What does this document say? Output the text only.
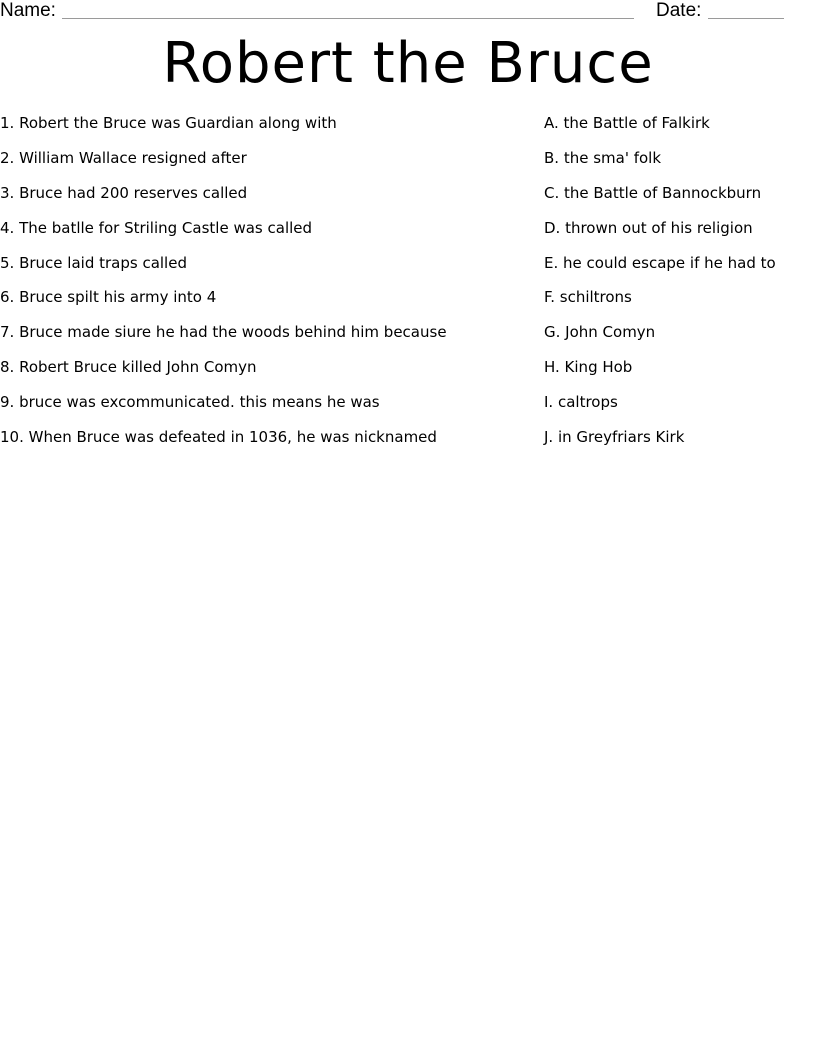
Name:	Date:
Robert the Bruce
1. Robert the Bruce was Guardian along with
2. William Wallace resigned after
3. Bruce had 200 reserves called
4. The batlle for Striling Castle was called
5. Bruce laid traps called
6. Bruce spilt his army into 4
7. Bruce made siure he had the woods behind him because
8. Robert Bruce killed John Comyn
9. bruce was excommunicated. this means he was
10. When Bruce was defeated in 1036, he was nicknamed
A. the Battle of Falkirk
B. the sma' folk
C. the Battle of Bannockburn
D. thrown out of his religion
E. he could escape if he had to
F. schiltrons
G. John Comyn
H. King Hob
I. caltrops
J. in Greyfriars Kirk
